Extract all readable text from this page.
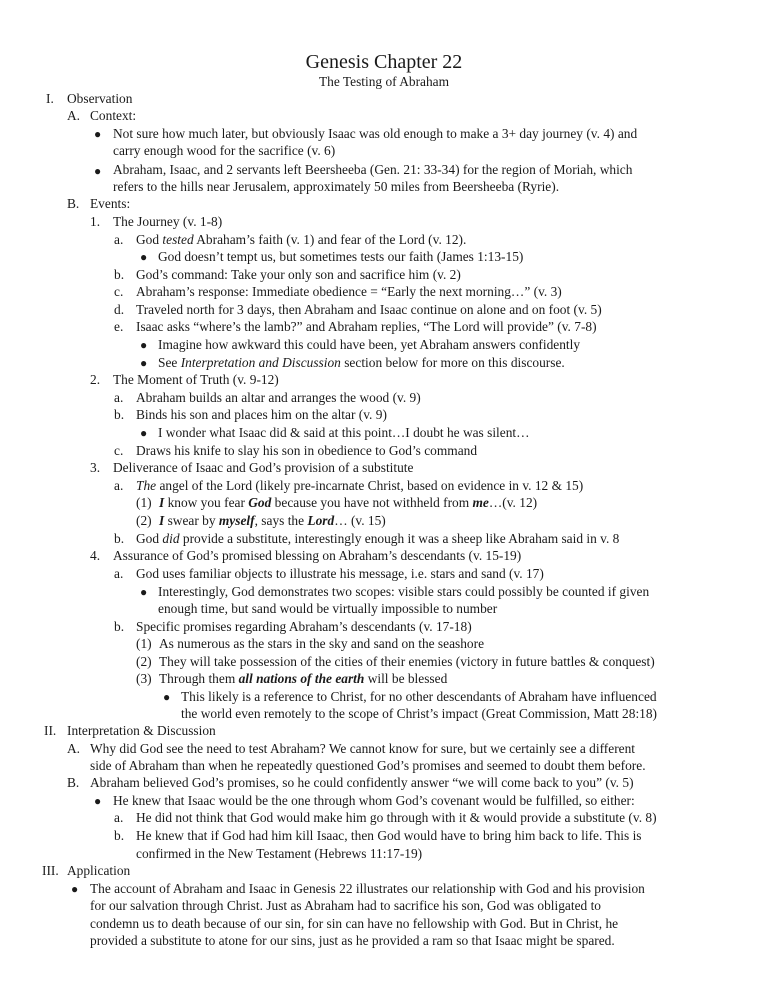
Genesis Chapter 22
The Testing of Abraham
I. Observation
A. Context:
● Not sure how much later, but obviously Isaac was old enough to make a 3+ day journey (v. 4) and
carry enough wood for the sacrifice (v. 6)
● Abraham, Isaac, and 2 servants left Beersheeba (Gen. 21: 33-34) for the region of Moriah, which
refers to the hills near Jerusalem, approximately 50 miles from Beersheeba (Ryrie).
B. Events:
1. The Journey (v. 1-8)
a. God tested Abraham’s faith (v. 1) and fear of the Lord (v. 12).
● God doesn’t tempt us, but sometimes tests our faith (James 1:13-15)
b. God’s command: Take your only son and sacrifice him (v. 2)
c. Abraham’s response: Immediate obedience = “Early the next morning…” (v. 3)
d. Traveled north for 3 days, then Abraham and Isaac continue on alone and on foot (v. 5)
e. Isaac asks “where’s the lamb?” and Abraham replies, “The Lord will provide” (v. 7-8)
● Imagine how awkward this could have been, yet Abraham answers confidently
● See Interpretation and Discussion section below for more on this discourse.
2. The Moment of Truth (v. 9-12)
a. Abraham builds an altar and arranges the wood (v. 9)
b. Binds his son and places him on the altar (v. 9)
● I wonder what Isaac did & said at this point…I doubt he was silent…
c. Draws his knife to slay his son in obedience to God’s command
3. Deliverance of Isaac and God’s provision of a substitute
a. The angel of the Lord (likely pre-incarnate Christ, based on evidence in v. 12 & 15)
(1) I know you fear God because you have not withheld from me…(v. 12)
(2) I swear by myself, says the Lord… (v. 15)
b. God did provide a substitute, interestingly enough it was a sheep like Abraham said in v. 8
4. Assurance of God’s promised blessing on Abraham’s descendants (v. 15-19)
a. God uses familiar objects to illustrate his message, i.e. stars and sand (v. 17)
● Interestingly, God demonstrates two scopes: visible stars could possibly be counted if given
enough time, but sand would be virtually impossible to number
b. Specific promises regarding Abraham’s descendants (v. 17-18)
(1) As numerous as the stars in the sky and sand on the seashore
(2) They will take possession of the cities of their enemies (victory in future battles & conquest)
(3) Through them all nations of the earth will be blessed
● This likely is a reference to Christ, for no other descendants of Abraham have influenced
the world even remotely to the scope of Christ’s impact (Great Commission, Matt 28:18)
II. Interpretation & Discussion
A. Why did God see the need to test Abraham? We cannot know for sure, but we certainly see a different
side of Abraham than when he repeatedly questioned God’s promises and seemed to doubt them before.
B. Abraham believed God’s promises, so he could confidently answer “we will come back to you” (v. 5)
● He knew that Isaac would be the one through whom God’s covenant would be fulfilled, so either:
a. He did not think that God would make him go through with it & would provide a substitute (v. 8)
b. He knew that if God had him kill Isaac, then God would have to bring him back to life. This is
confirmed in the New Testament (Hebrews 11:17-19)
III. Application
● The account of Abraham and Isaac in Genesis 22 illustrates our relationship with God and his provision
for our salvation through Christ. Just as Abraham had to sacrifice his son, God was obligated to
condemn us to death because of our sin, for sin can have no fellowship with God. But in Christ, he
provided a substitute to atone for our sins, just as he provided a ram so that Isaac might be spared.
